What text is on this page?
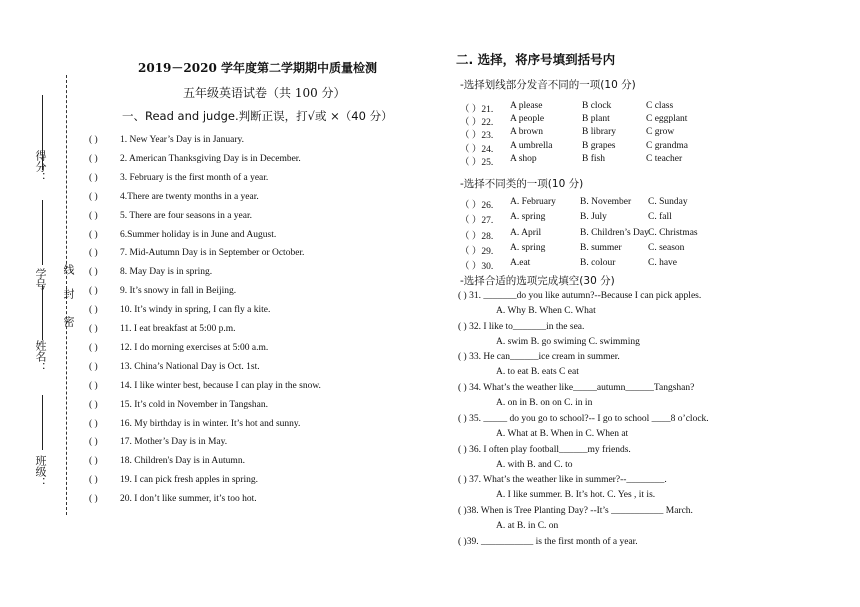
得分：
学号 线
封
密
姓名：
班级：
2019－2020 学年度第二学期期中质量检测
五年级英语试卷（共 100 分）
一、Read and judge.判断正误，打√或 ×（40 分）
( ) 1. New Year’s Day is in January.
( ) 2. American Thanksgiving Day is in December.
( ) 3. February is the first month of a year.
( ) 4.There are twenty months in a year.
( ) 5. There are four seasons in a year.
( ) 6.Summer holiday is in June and August.
( ) 7. Mid-Autumn Day is in September or October.
( ) 8. May Day is in spring.
( ) 9. It’s snowy in fall in Beijing.
( ) 10. It’s windy in spring, I can fly a kite.
( ) 11. I eat breakfast at 5:00 p.m.
( ) 12. I do morning exercises at 5:00 a.m.
( ) 13. China’s National Day is Oct. 1st.
( ) 14. I like winter best, because I can play in the snow.
( ) 15. It’s cold in November in Tangshan.
( ) 16. My birthday is in winter. It’s hot and sunny.
( ) 17. Mother’s Day is in May.
( ) 18. Children's Day is in Autumn.
( ) 19. I can pick fresh apples in spring.
( ) 20. I don’t like summer, it’s too hot.
二. 选择，将序号填到括号内
-选择划线部分发音不同的一项(10 分)
（ ）21. A please	B clock	C class
（ ）22. A people	B plant	C eggplant
（ ）23. A brown	B library	C grow
（ ）24. A umbrella	B grapes	C grandma
（ ）25. A shop	B fish	C teacher
-选择不同类的一项(10 分)
（ ）26. A. February	B. November C. Sunday
（ ）27. A. spring	B. July	C. fall
（ ）28. A. April	B. Children’s Day C. Christmas
（ ）29. A. spring	B. summer	C. season
（ ）30. A.eat	B. colour	C. have
-选择合适的选项完成填空(30 分)
( ) 31. _______do you like autumn?--Because I can pick apples.
A. Why B. When C. What
( ) 32. I like to_______in the sea.
A. swim B. go swiming C. swimming
( ) 33. He can______ice cream in summer.
A. to eat B. eats C eat
( ) 34. What’s the weather like_____autumn______Tangshan?
A. on in B. on on C. in in
( ) 35. _____ do you go to school?-- I go to school ____8 o’clock.
A. What at B. When in C. When at
( ) 36. I often play football______my friends.
A. with B. and C. to
( ) 37. What’s the weather like in summer?--________.
A. I like summer. B. It’s hot. C. Yes , it is.
( )38. When is Tree Planting Day? --It’s ___________ March.
A. at B. in C. on
( )39. ___________ is the first month of a year.
